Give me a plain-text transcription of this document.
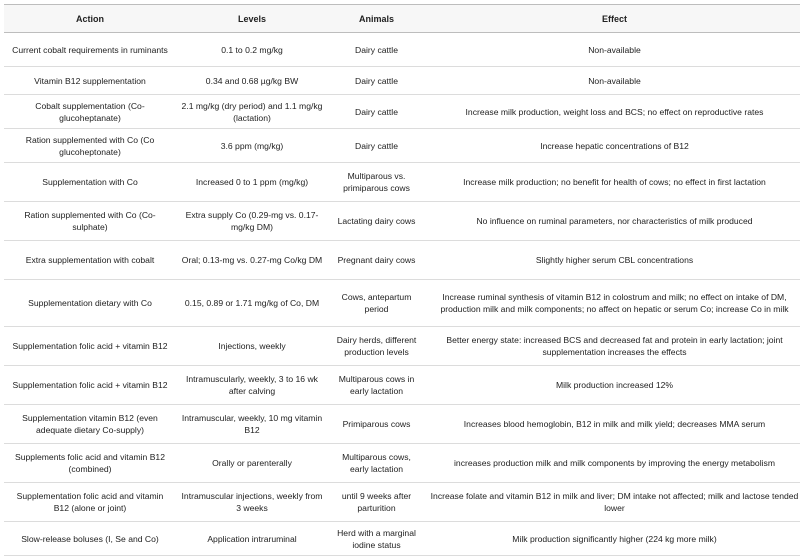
Action	Levels	Animals	Effect
Current cobalt requirements in ruminants	0.1 to 0.2 mg/kg	Dairy cattle	Non-available
Vitamin B12 supplementation	0.34 and 0.68 µg/kg BW	Dairy cattle	Non-available
Cobalt supplementation (Co-glucoheptanate)	2.1 mg/kg (dry period) and 1.1 mg/kg (lactation)	Dairy cattle	Increase milk production, weight loss and BCS; no effect on reproductive rates
Ration supplemented with Co (Co glucoheptonate)	3.6 ppm (mg/kg)	Dairy cattle	Increase hepatic concentrations of B12
Supplementation with Co	Increased 0 to 1 ppm (mg/kg)	Multiparous vs. primiparous cows	Increase milk production; no benefit for health of cows; no effect in first lactation
Ration supplemented with Co (Co-sulphate)	Extra supply Co (0.29-mg vs. 0.17-mg/kg DM)	Lactating dairy cows	No influence on ruminal parameters, nor characteristics of milk produced
Extra supplementation with cobalt	Oral; 0.13-mg vs. 0.27-mg Co/kg DM	Pregnant dairy cows	Slightly higher serum CBL concentrations
Supplementation dietary with Co	0.15, 0.89 or 1.71 mg/kg of Co, DM	Cows, antepartum period	Increase ruminal synthesis of vitamin B12 in colostrum and milk; no effect on intake of DM, production milk and milk components; no affect on hepatic or serum Co; increase Co in milk
Supplementation folic acid + vitamin B12	Injections, weekly	Dairy herds, different production levels	Better energy state: increased BCS and decreased fat and protein in early lactation; joint supplementation increases the effects
Supplementation folic acid + vitamin B12	Intramuscularly, weekly, 3 to 16 wk after calving	Multiparous cows in early lactation	Milk production increased 12%
Supplementation vitamin B12 (even adequate dietary Co-supply)	Intramuscular, weekly, 10 mg vitamin B12	Primiparous cows	Increases blood hemoglobin, B12 in milk and milk yield; decreases MMA serum
Supplements folic acid and vitamin B12 (combined)	Orally or parenterally	Multiparous cows, early lactation	increases production milk and milk components by improving the energy metabolism
Supplementation folic acid and vitamin B12 (alone or joint)	Intramuscular injections, weekly from 3 weeks	until 9 weeks after parturition	Increase folate and vitamin B12 in milk and liver; DM intake not affected; milk and lactose tended lower
Slow-release boluses (I, Se and Co)	Application intraruminal	Herd with a marginal iodine status	Milk production significantly higher (224 kg more milk)
